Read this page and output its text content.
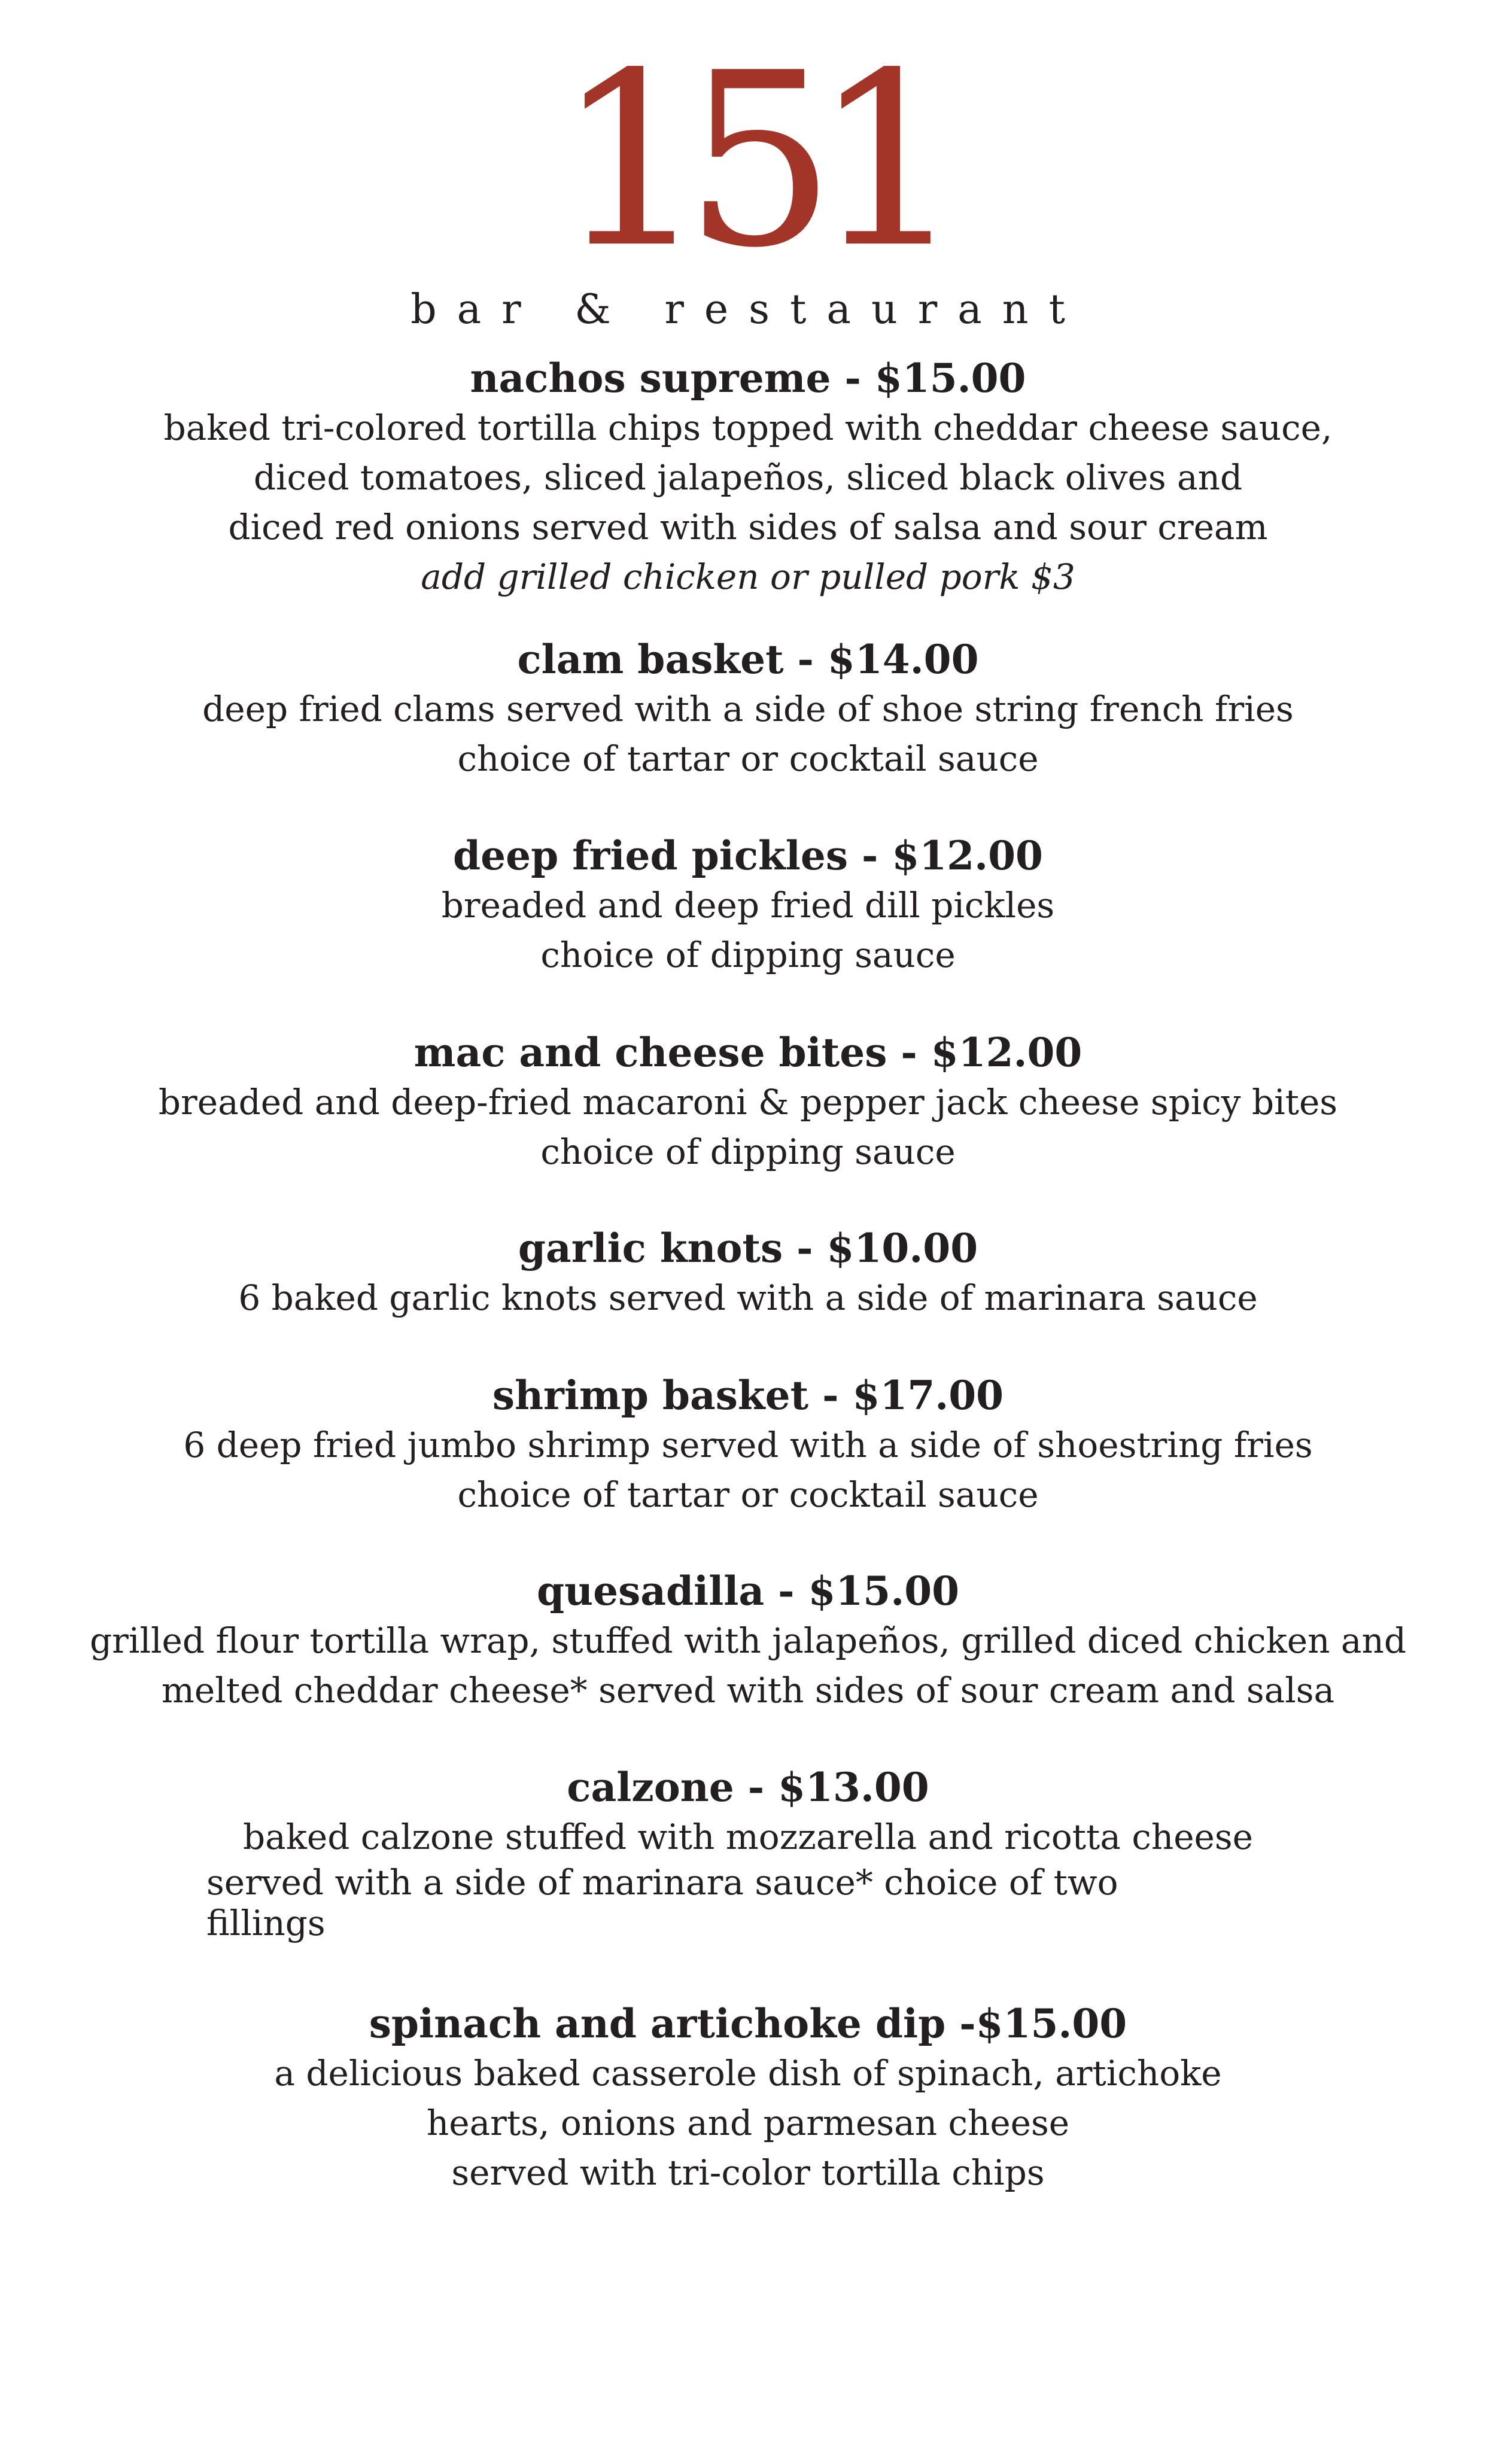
151
bar & restaurant
nachos supreme - $15.00
baked tri-colored tortilla chips topped with cheddar cheese sauce,
diced tomatoes, sliced jalapeños, sliced black olives and
diced red onions served with sides of salsa and sour cream
add grilled chicken or pulled pork $3
clam basket - $14.00
deep fried clams served with a side of shoe string french fries
choice of tartar or cocktail sauce
deep fried pickles - $12.00
breaded and deep fried dill pickles
choice of dipping sauce
mac and cheese bites - $12.00
breaded and deep-fried macaroni & pepper jack cheese spicy bites
choice of dipping sauce
garlic knots - $10.00
6 baked garlic knots served with a side of marinara sauce
shrimp basket - $17.00
6 deep fried jumbo shrimp served with a side of shoestring fries
choice of tartar or cocktail sauce
quesadilla - $15.00
grilled flour tortilla wrap, stuffed with jalapeños, grilled diced chicken and
melted cheddar cheese* served with sides of sour cream and salsa
calzone - $13.00
baked calzone stuffed with mozzarella and ricotta cheese
served with a side of marinara sauce* choice of two
fillings
spinach and artichoke dip -$15.00
a delicious baked casserole dish of spinach, artichoke
hearts, onions and parmesan cheese
served with tri-color tortilla chips
